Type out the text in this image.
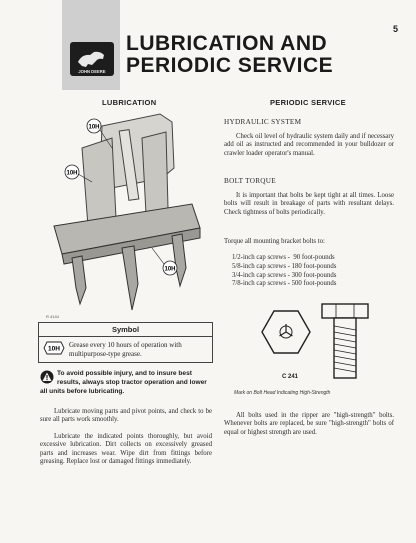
JOHN DEERE
5
LUBRICATION AND
PERIODIC SERVICE
LUBRICATION	PERIODIC SERVICE
10H
10H
10H
R 4144
Symbol
10H Grease every 10 hours of operation with multipurpose-type grease.
To avoid possible injury, and to insure best results, always stop tractor operation and lower all units before lubricating.

Lubricate moving parts and pivot points, and check to be sure all parts work smoothly.

Lubricate the indicated points thoroughly, but avoid excessive lubrication. Dirt collects on excessively greased parts and increases wear. Wipe dirt from fittings before greasing. Replace lost or damaged fittings immediately.

HYDRAULIC SYSTEM

Check oil level of hydraulic system daily and if necessary add oil as instructed and recommended in your bulldozer or crawler loader operator's manual.

BOLT TORQUE

It is important that bolts be kept tight at all times. Loose bolts will result in breakage of parts with resultant delays. Check tightness of bolts periodically.

Torque all mounting bracket bolts to:

1/2-inch cap screws -  90 foot-pounds
5/8-inch cap screws - 180 foot-pounds
3/4-inch cap screws - 300 foot-pounds
7/8-inch cap screws - 500 foot-pounds
C 241
Mark on Bolt Head Indicating High-Strength

All bolts used in the ripper are "high-strength" bolts. Whenever bolts are replaced, be sure "high-strength" bolts of equal or highest strength are used.
